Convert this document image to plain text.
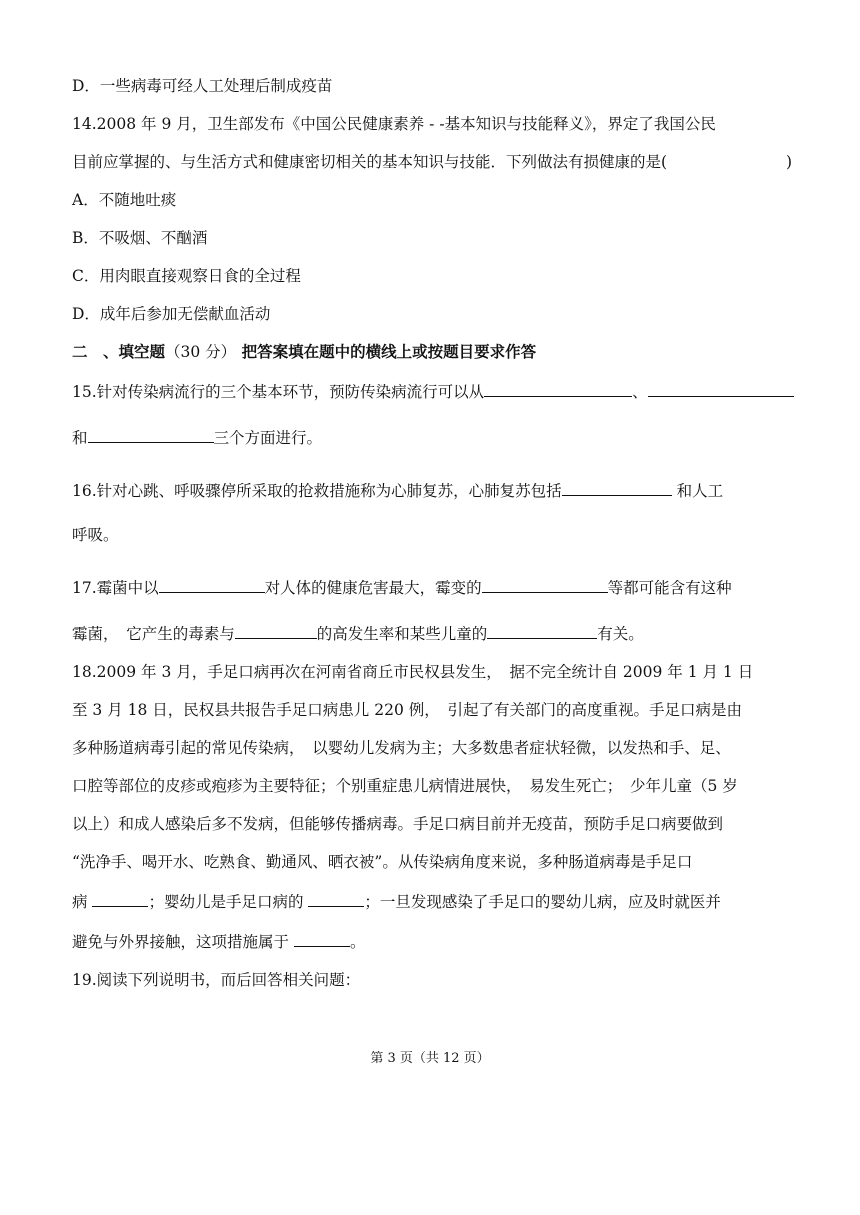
D．一些病毒可经人工处理后制成疫苗
14.2008 年 9 月，卫生部发布《中国公民健康素养 - -基本知识与技能释义》，界定了我国公民
目前应掌握的、与生活方式和健康密切相关的基本知识与技能．下列做法有损健康的是(	)
A．不随地吐痰
B．不吸烟、不酗酒
C．用肉眼直接观察日食的全过程
D．成年后参加无偿献血活动
二　、填空题（30 分） 把答案填在题中的横线上或按题目要求作答
15.针对传染病流行的三个基本环节，预防传染病流行可以从	、
和	三个方面进行。
16.针对心跳、呼吸骤停所采取的抢救措施称为心肺复苏，心肺复苏包括	和人工
呼吸。
17.霉菌中以	对人体的健康危害最大，霉变的	等都可能含有这种
霉菌，　它产生的毒素与	的高发生率和某些儿童的	有关。
18.2009 年 3 月，手足口病再次在河南省商丘市民权县发生，　据不完全统计自 2009 年 1 月 1 日
至 3 月 18 日，民权县共报告手足口病患儿 220 例，　引起了有关部门的高度重视。手足口病是由
多种肠道病毒引起的常见传染病，　以婴幼儿发病为主；大多数患者症状轻微，以发热和手、足、
口腔等部位的皮疹或疱疹为主要特征；个别重症患儿病情进展快，　易发生死亡；　少年儿童（5 岁
以上）和成人感染后多不发病，但能够传播病毒。手足口病目前并无疫苗，预防手足口病要做到
“洗净手、喝开水、吃熟食、勤通风、晒衣被”。从传染病角度来说，多种肠道病毒是手足口
病	；婴幼儿是手足口病的	；一旦发现感染了手足口的婴幼儿病，应及时就医并
避免与外界接触，这项措施属于	。
19.阅读下列说明书，而后回答相关问题：
第 3 页（共 12 页）
